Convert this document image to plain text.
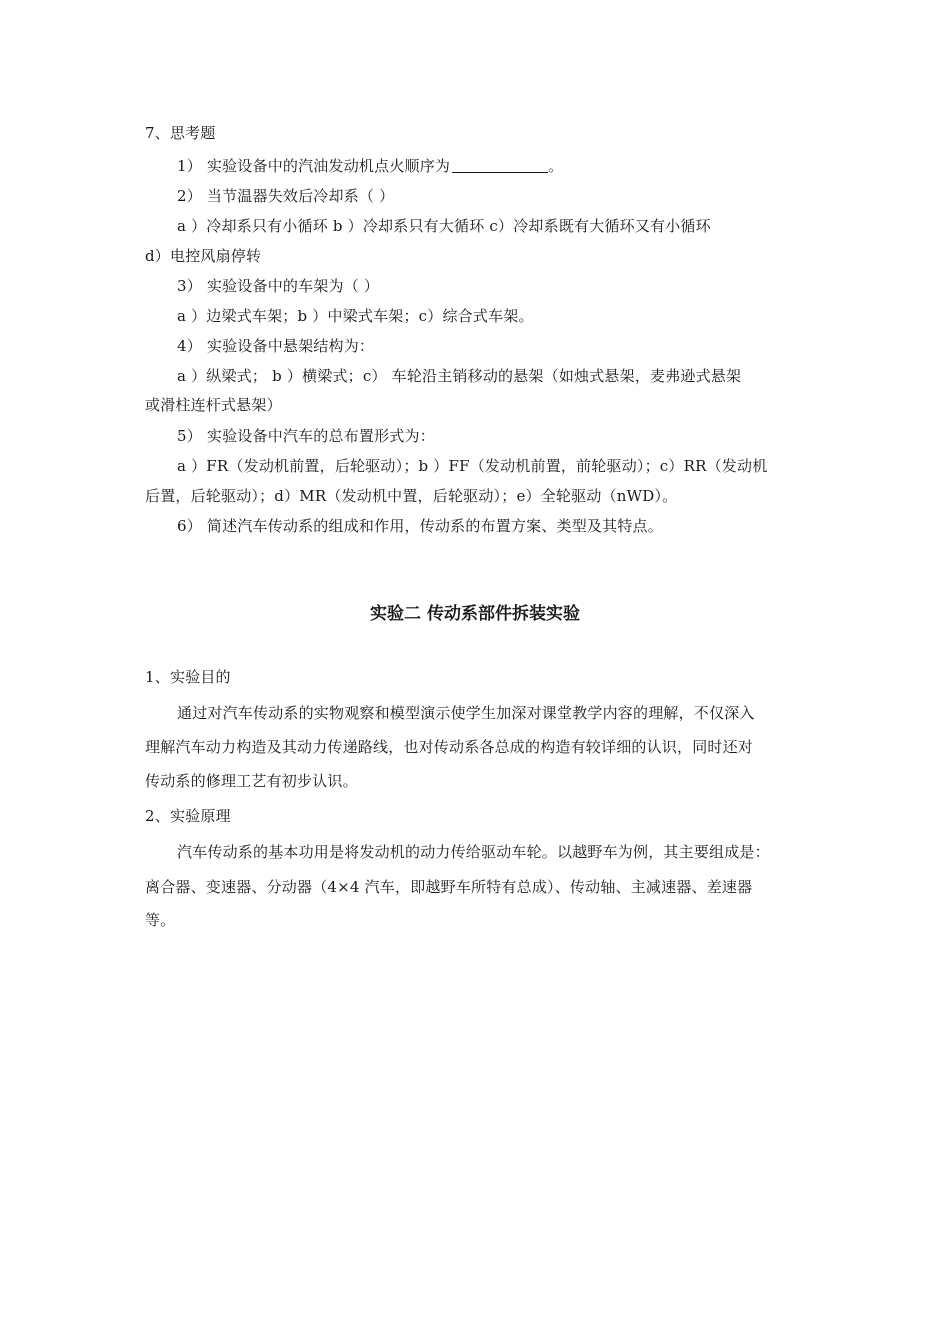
7、思考题
1） 实验设备中的汽油发动机点火顺序为	。
2） 当节温器失效后冷却系（ ）
a ）冷却系只有小循环 b ）冷却系只有大循环 c）冷却系既有大循环又有小循环
d）电控风扇停转
3） 实验设备中的车架为（ ）
a ）边梁式车架；b ）中梁式车架；c）综合式车架。
4） 实验设备中悬架结构为：
a ）纵梁式； b ）横梁式；c） 车轮沿主销移动的悬架（如烛式悬架，麦弗逊式悬架
或滑柱连杆式悬架）
5） 实验设备中汽车的总布置形式为：
a ）FR（发动机前置，后轮驱动）；b ）FF（发动机前置，前轮驱动）；c）RR（发动机
后置，后轮驱动）；d）MR（发动机中置，后轮驱动）；e）全轮驱动（nWD）。
6） 简述汽车传动系的组成和作用，传动系的布置方案、类型及其特点。
实验二 传动系部件拆装实验
1、实验目的
通过对汽车传动系的实物观察和模型演示使学生加深对课堂教学内容的理解，不仅深入
理解汽车动力构造及其动力传递路线，也对传动系各总成的构造有较详细的认识，同时还对
传动系的修理工艺有初步认识。
2、实验原理
汽车传动系的基本功用是将发动机的动力传给驱动车轮。以越野车为例，其主要组成是：
离合器、变速器、分动器（4×4 汽车，即越野车所特有总成）、传动轴、主减速器、差速器
等。
